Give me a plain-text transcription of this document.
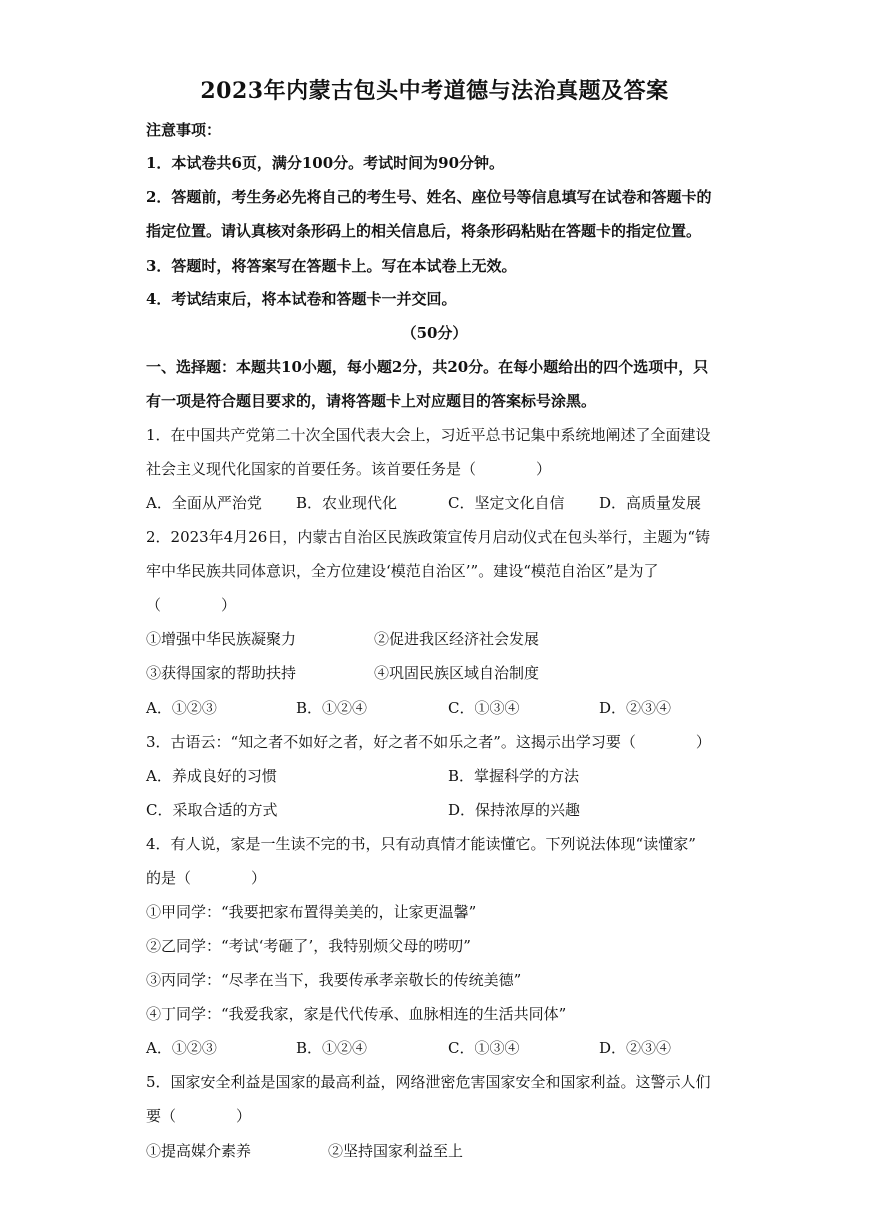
2023年内蒙古包头中考道德与法治真题及答案
注意事项：
1．本试卷共6页，满分100分。考试时间为90分钟。
2．答题前，考生务必先将自己的考生号、姓名、座位号等信息填写在试卷和答题卡的
指定位置。请认真核对条形码上的相关信息后，将条形码粘贴在答题卡的指定位置。
3．答题时，将答案写在答题卡上。写在本试卷上无效。
4．考试结束后，将本试卷和答题卡一并交回。
（50分）
一、选择题：本题共10小题，每小题2分，共20分。在每小题给出的四个选项中，只
有一项是符合题目要求的，请将答题卡上对应题目的答案标号涂黑。
1．在中国共产党第二十次全国代表大会上，习近平总书记集中系统地阐述了全面建设
社会主义现代化国家的首要任务。该首要任务是（　　　　）
A．全面从严治党 B．农业现代化	C．坚定文化自信 D．高质量发展
2．2023年4月26日，内蒙古自治区民族政策宣传月启动仪式在包头举行，主题为“铸
牢中华民族共同体意识，全方位建设‘模范自治区’”。建设“模范自治区”是为了
（　　　　）
①增强中华民族凝聚力	②促进我区经济社会发展
③获得国家的帮助扶持	④巩固民族区域自治制度
A．①②③	B．①②④	C．①③④	D．②③④
3．古语云：“知之者不如好之者，好之者不如乐之者”。这揭示出学习要（　　　　）
A．养成良好的习惯	B．掌握科学的方法
C．采取合适的方式	D．保持浓厚的兴趣
4．有人说，家是一生读不完的书，只有动真情才能读懂它。下列说法体现“读懂家”
的是（　　　　）
①甲同学：“我要把家布置得美美的，让家更温馨”
②乙同学：“考试‘考砸了’，我特别烦父母的唠叨”
③丙同学：“尽孝在当下，我要传承孝亲敬长的传统美德”
④丁同学：“我爱我家，家是代代传承、血脉相连的生活共同体”
A．①②③	B．①②④	C．①③④	D．②③④
5．国家安全利益是国家的最高利益，网络泄密危害国家安全和国家利益。这警示人们
要（　　　　）
①提高媒介素养	②坚持国家利益至上
